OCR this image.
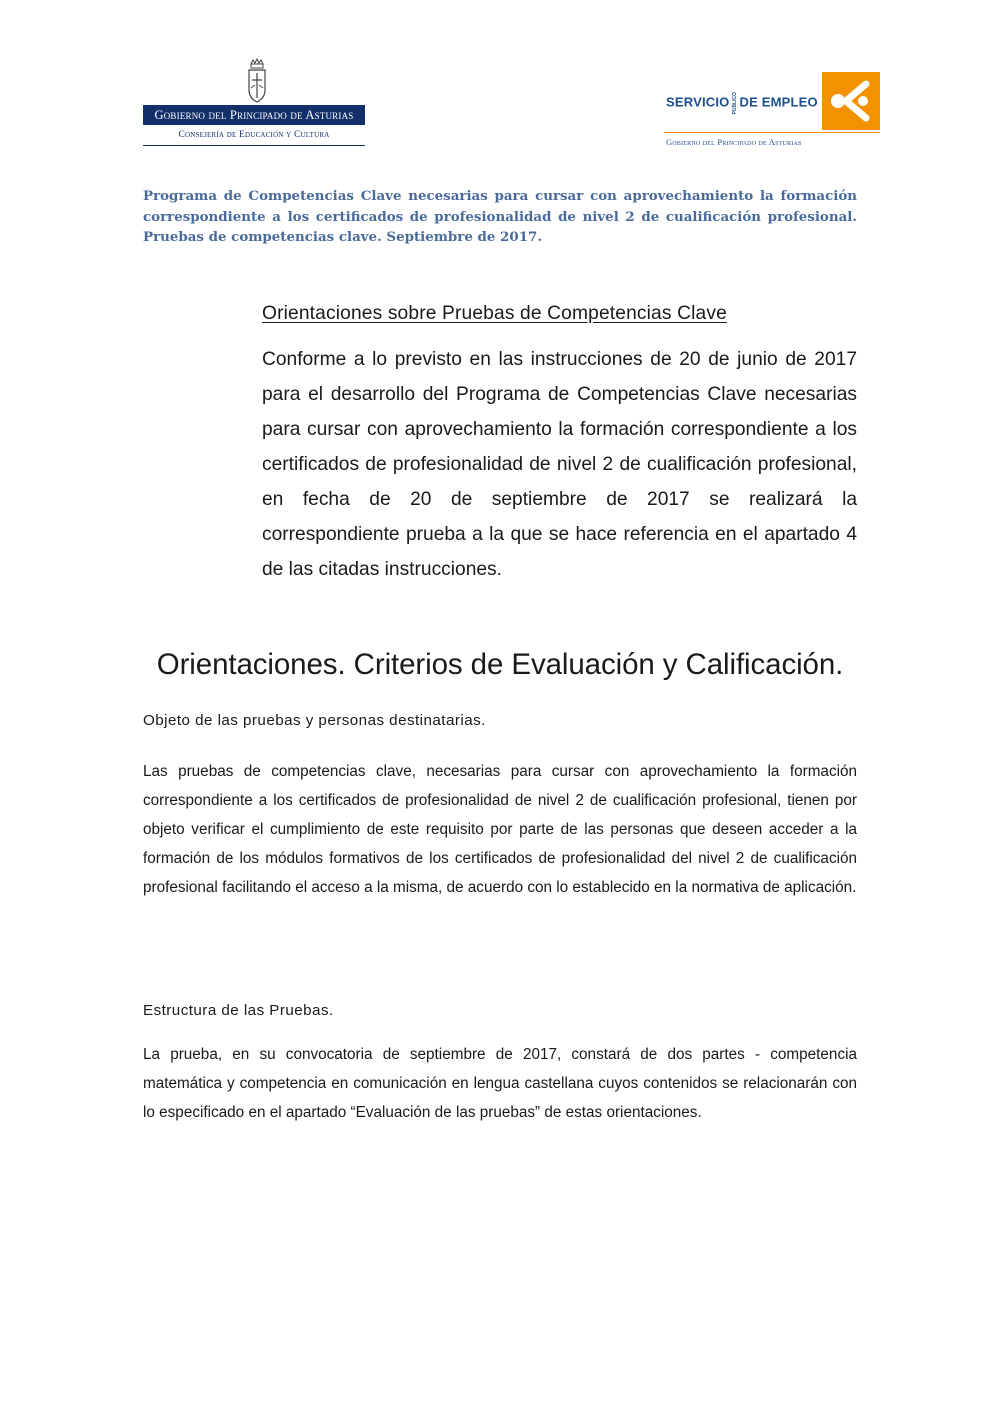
Gobierno del Principado de Asturias
Consejería de Educación y Cultura
SERVICIO PÚBLICO DE EMPLEO
Gobierno del Principado de Asturias

Programa de Competencias Clave necesarias para cursar con aprovechamiento la formación correspondiente a los certificados de profesionalidad de nivel 2 de cualificación profesional. Pruebas de competencias clave. Septiembre de 2017.

Orientaciones sobre Pruebas de Competencias Clave

Conforme a lo previsto en las instrucciones de 20 de junio de 2017 para el desarrollo del Programa de Competencias Clave necesarias para cursar con aprovechamiento la formación correspondiente a los certificados de profesionalidad de nivel 2 de cualificación profesional, en fecha de 20 de septiembre de 2017 se realizará la correspondiente prueba a la que se hace referencia en el apartado 4 de las citadas instrucciones.

Orientaciones. Criterios de Evaluación y Calificación.

Objeto de las pruebas y personas destinatarias.

Las pruebas de competencias clave, necesarias para cursar con aprovechamiento la formación correspondiente a los certificados de profesionalidad de nivel 2 de cualificación profesional, tienen por objeto verificar el cumplimiento de este requisito por parte de las personas que deseen acceder a la formación de los módulos formativos de los certificados de profesionalidad del nivel 2 de cualificación profesional facilitando el acceso a la misma, de acuerdo con lo establecido en la normativa de aplicación.

Estructura de las Pruebas.

La prueba, en su convocatoria de septiembre de 2017, constará de dos partes - competencia matemática y competencia en comunicación en lengua castellana cuyos contenidos se relacionarán con lo especificado en el apartado “Evaluación de las pruebas” de estas orientaciones.
